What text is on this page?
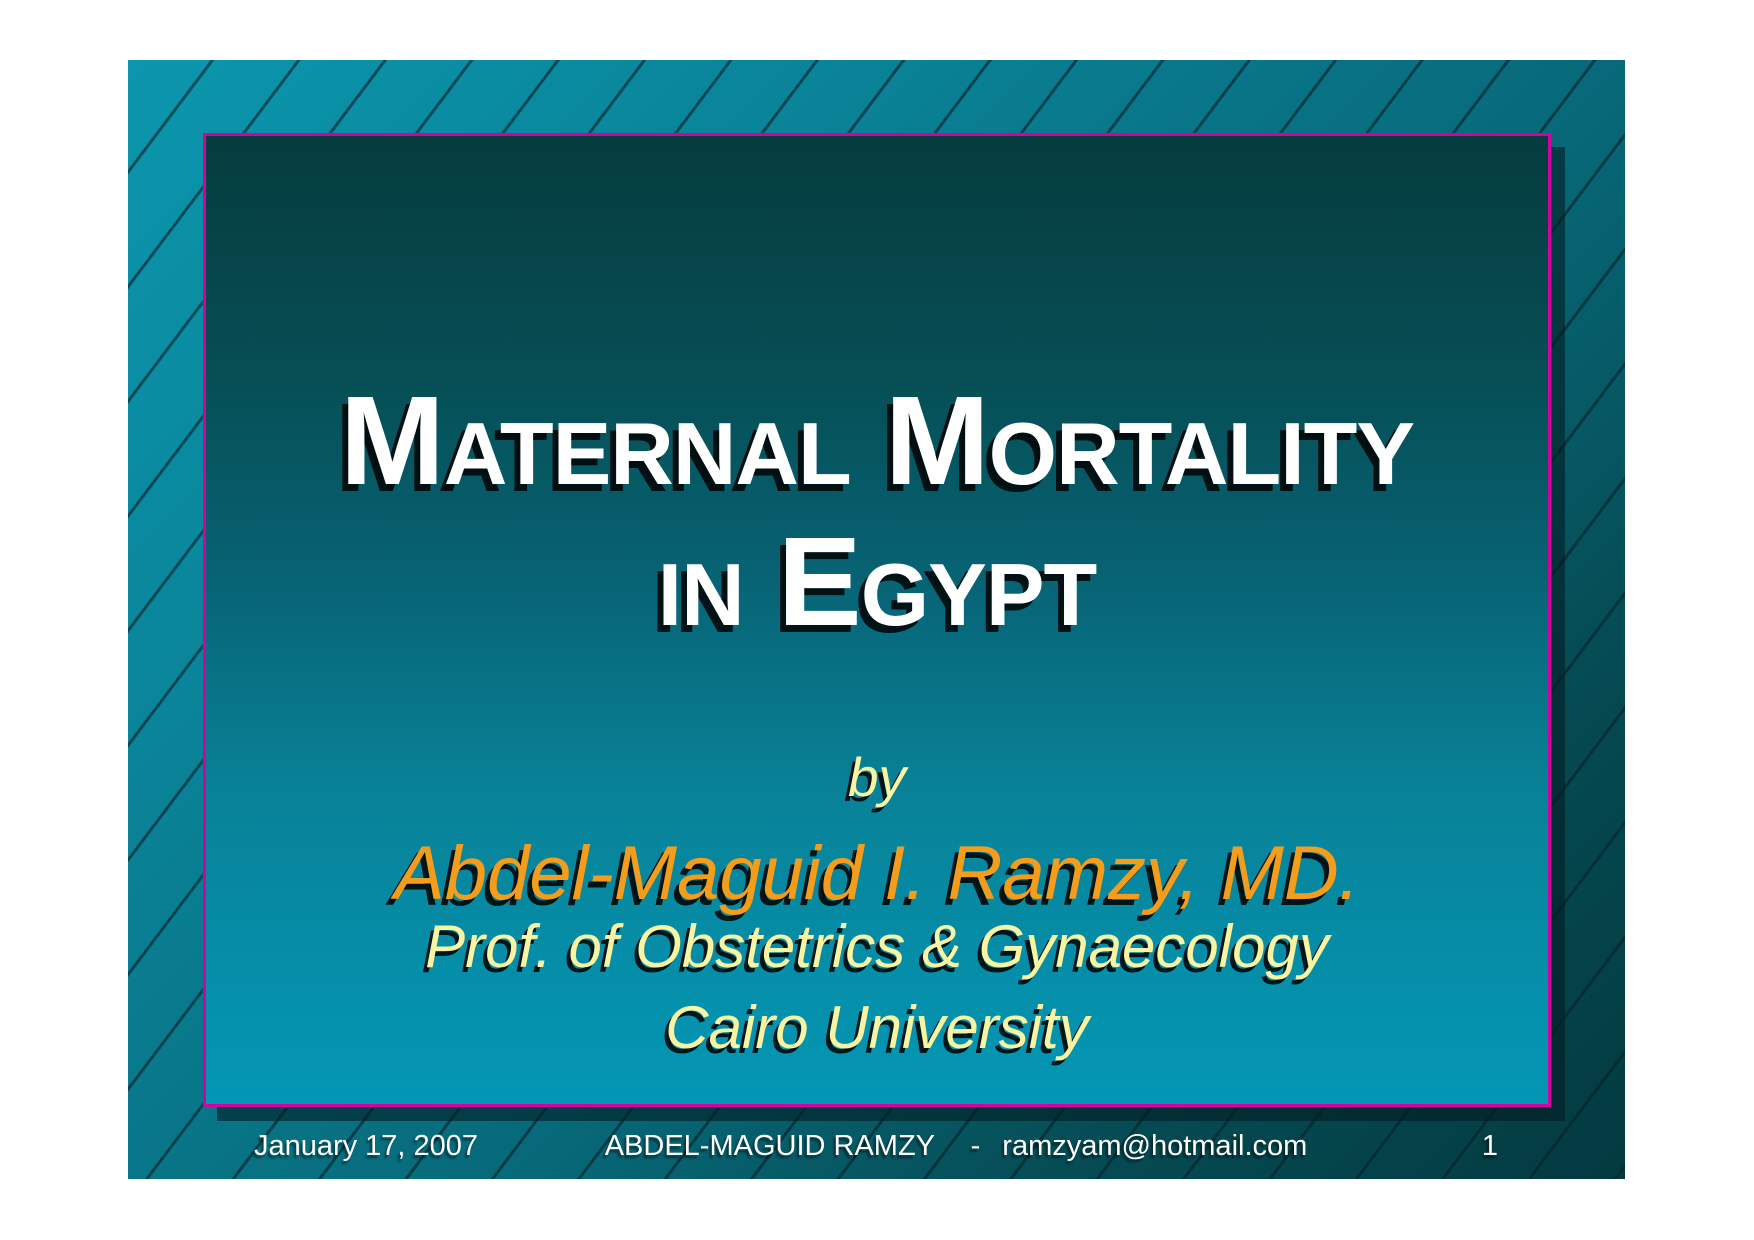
Maternal Mortality
in Egypt
by
Abdel-Maguid I. Ramzy, MD.
Prof. of Obstetrics & Gynaecology
Cairo University
January 17, 2007	ABDEL-MAGUID RAMZY - ramzyam@hotmail.com	1
